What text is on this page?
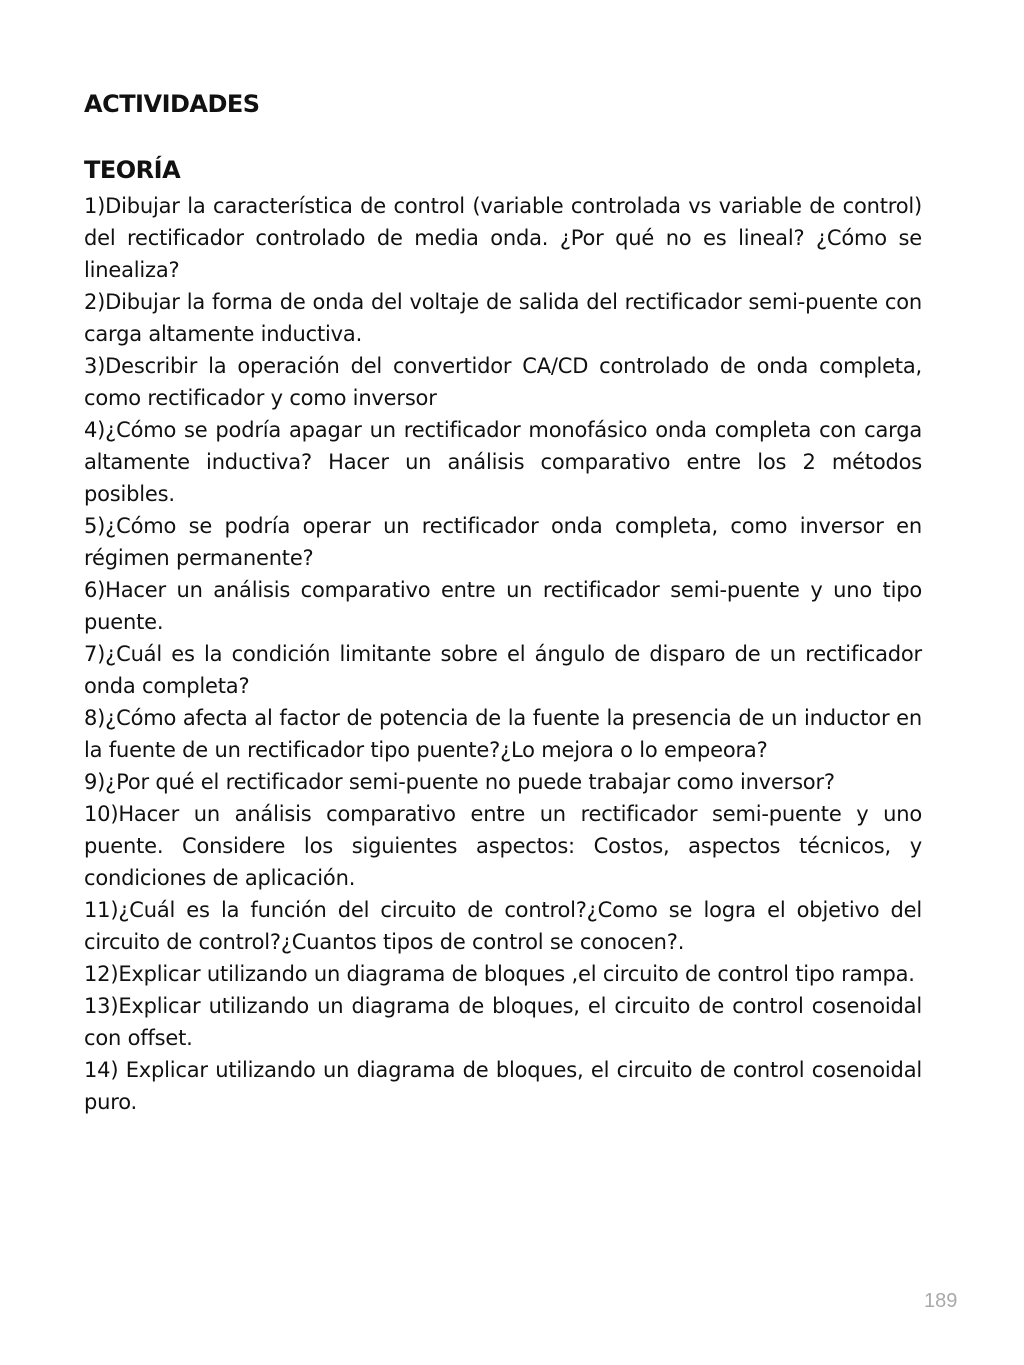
ACTIVIDADES
TEORÍA
1)Dibujar la característica de control (variable controlada vs variable de control) del rectificador controlado de media onda. ¿Por qué no es lineal? ¿Cómo se linealiza?
2)Dibujar la forma de onda del voltaje de salida del rectificador semi-puente con carga altamente inductiva.
3)Describir la operación del convertidor CA/CD controlado de onda completa, como rectificador y como inversor
4)¿Cómo se podría apagar un rectificador monofásico onda completa con carga altamente inductiva? Hacer un análisis comparativo entre los 2 métodos posibles.
5)¿Cómo se podría operar un rectificador onda completa, como inversor en régimen permanente?
6)Hacer un análisis comparativo entre un rectificador semi-puente y uno tipo puente.
7)¿Cuál es la condición limitante sobre el ángulo de disparo de un rectificador onda completa?
8)¿Cómo afecta al factor de potencia de la fuente la presencia de un inductor en la fuente de un rectificador tipo puente?¿Lo mejora o lo empeora?
9)¿Por qué el rectificador semi-puente no puede trabajar como inversor?
10)Hacer un análisis comparativo entre un rectificador semi-puente y uno puente. Considere los siguientes aspectos: Costos, aspectos técnicos, y condiciones de aplicación.
11)¿Cuál es la función del circuito de control?¿Como se logra el objetivo del circuito de control?¿Cuantos tipos de control se conocen?.
12)Explicar utilizando un diagrama de bloques ,el circuito de control tipo rampa.
13)Explicar utilizando un diagrama de bloques, el circuito de control cosenoidal con offset.
14) Explicar utilizando un diagrama de bloques, el circuito de control cosenoidal puro.
189
